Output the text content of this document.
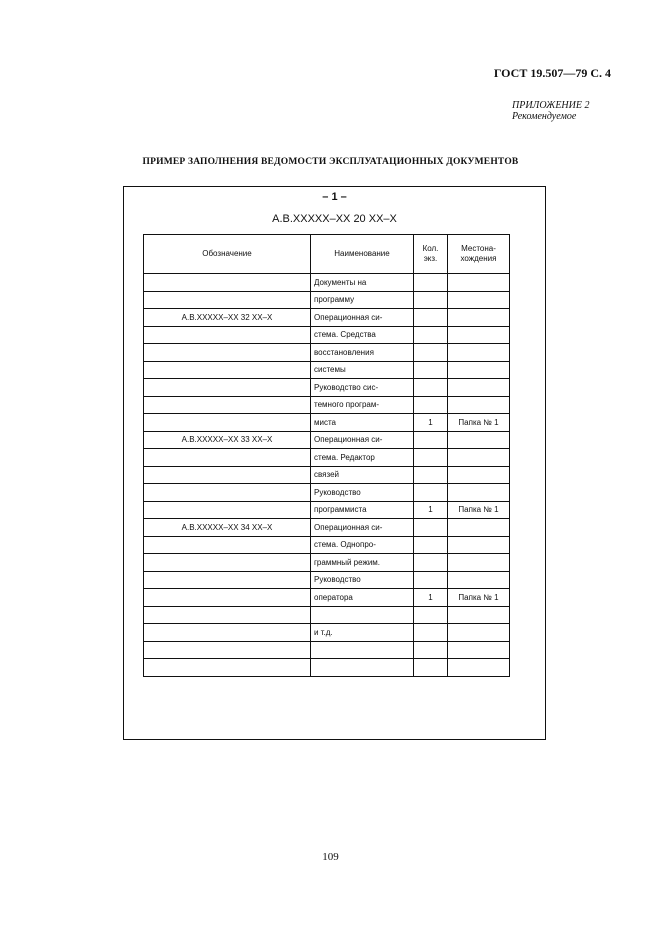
ГОСТ 19.507—79 С. 4
ПРИЛОЖЕНИЕ 2
Рекомендуемое
ПРИМЕР ЗАПОЛНЕНИЯ ВЕДОМОСТИ ЭКСПЛУАТАЦИОННЫХ ДОКУМЕНТОВ
– 1 –
A.B.XXXXX–XX 20 XX–X
Обозначение	Наименование	Кол. экз.	Местона-хождения
	Документы на		
	программу		
A.B.XXXXX–XX 32 XX–X	Операционная си-		
	стема. Средства		
	восстановления		
	системы		
	Руководство сис-		
	темного програм-		
	миста	1	Папка № 1
A.B.XXXXX–XX 33 XX–X	Операционная си-		
	стема. Редактор		
	связей		
	Руководство		
	программиста	1	Папка № 1
A.B.XXXXX–XX 34 XX–X	Операционная си-		
	стема. Однопро-		
	граммный режим.		
	Руководство		
	оператора	1	Папка № 1

	и т.д.		

109
